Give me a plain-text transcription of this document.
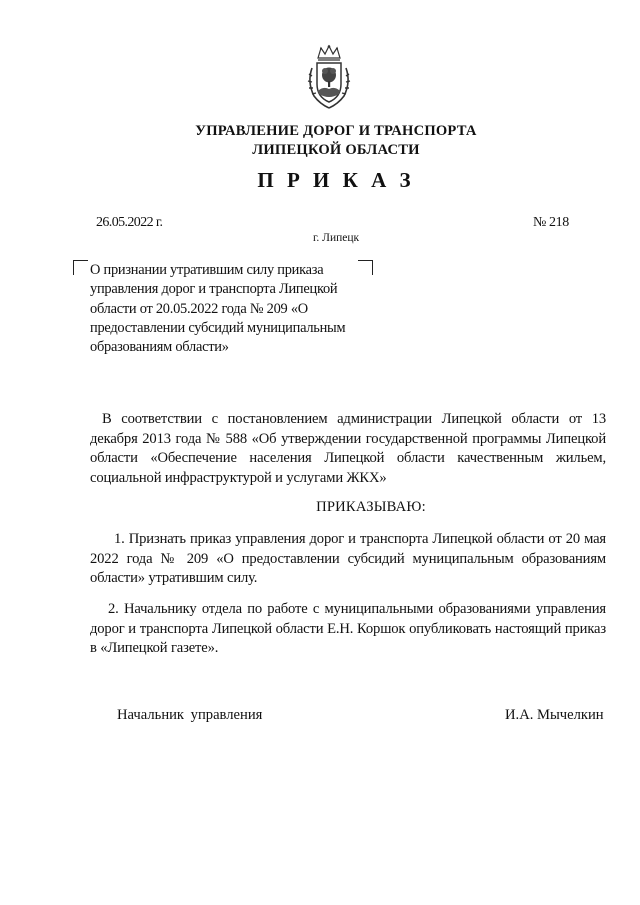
УПРАВЛЕНИЕ ДОРОГ И ТРАНСПОРТА
ЛИПЕЦКОЙ ОБЛАСТИ
П Р И К А З
26.05.2022 г.	№ 218
г. Липецк
О признании утратившим силу приказа
управления дорог и транспорта Липецкой
области от 20.05.2022 года № 209 «О
предоставлении субсидий муниципальным
образованиям области»
В соответствии с постановлением администрации Липецкой области от 13 декабря 2013 года № 588 «Об утверждении государственной программы Липецкой области «Обеспечение населения Липецкой области качественным жильем, социальной инфраструктурой и услугами ЖКХ»
ПРИКАЗЫВАЮ:
1. Признать приказ управления дорог и транспорта Липецкой области от 20 мая 2022 года № 209 «О предоставлении субсидий муниципальным образованиям области» утратившим силу.
2. Начальнику отдела по работе с муниципальными образованиями управления дорог и транспорта Липецкой области Е.Н. Коршок опубликовать настоящий приказ в «Липецкой газете».
Начальник управления	И.А. Мычелкин
